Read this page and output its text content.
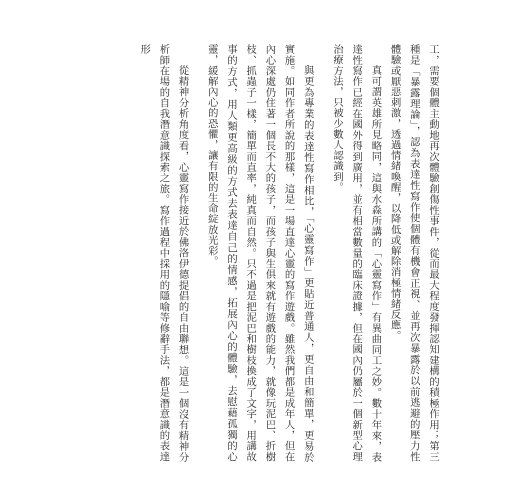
工，需要個體主動地再次體驗創傷性事件，從而最大程度發揮認知建構的積極作用；第三種是「暴露理論」，認為表達性寫作使個體有機會正視、並再次暴露於以前逃避的壓力性體驗或厭惡刺激，透過情緒喚醒，以降低或解除消極情緒反應。

真可謂英雄所見略同，這與水淼所講的「心靈寫作」有異曲同工之妙。數十年來，表達性寫作已經在國外得到廣用，並有相當數量的臨床證據，但在國內仍屬於一個新型心理治療方法，只被少數人認識到。

與更為專業的表達性寫作相比，「心靈寫作」更貼近普通人，更自由和簡單，更易於實施。如同作者所說的那樣，這是一場直達心靈的寫作遊戲。雖然我們都是成年人，但在內心深處仍住著一個長不大的孩子，而孩子與生俱來就有遊戲的能力，就像玩泥巴、折樹枝、抓蟲子一樣，簡單而直率，純真而自然。只不過是把泥巴和樹枝換成了文字，用講故事的方式，用人類更高級的方式去表達自己的情感，拓展內心的體驗，去慰藉孤獨的心靈，緩解內心的恐懼，讓有限的生命綻放光彩。

從精神分析角度看，心靈寫作接近於佛洛伊德提倡的自由聯想。這是一個沒有精神分析師在場的自我潛意識探索之旅。寫作過程中採用的隱喻等修辭手法，都是潛意識的表達形
